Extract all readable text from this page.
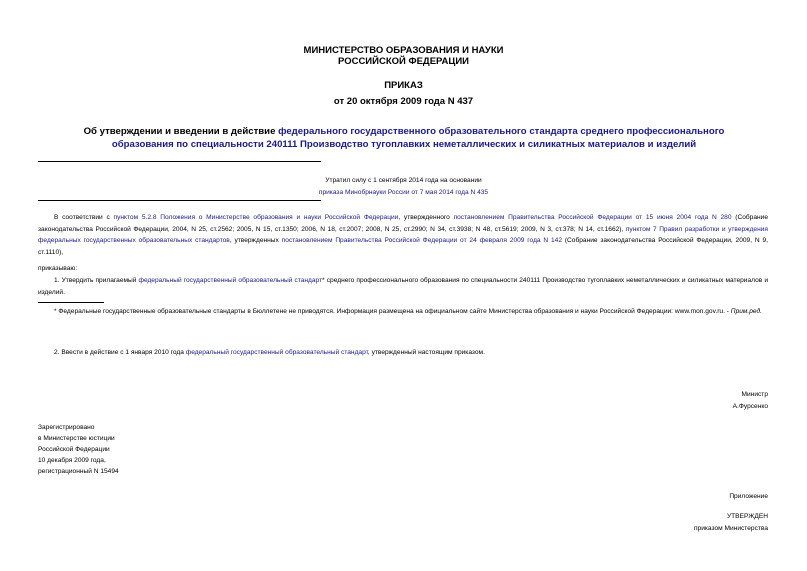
МИНИСТЕРСТВО ОБРАЗОВАНИЯ И НАУКИ
РОССИЙСКОЙ ФЕДЕРАЦИИ
ПРИКАЗ
от 20 октября 2009 года N 437
Об утверждении и введении в действие федерального государственного образовательного стандарта среднего профессионального образования по специальности 240111 Производство тугоплавких неметаллических и силикатных материалов и изделий
Утратил силу с 1 сентября 2014 года на основании
приказа Минобрнауки России от 7 мая 2014 года N 435
В соответствии с пунктом 5.2.8 Положения о Министерстве образования и науки Российской Федерации, утвержденного постановлением Правительства Российской Федерации от 15 июня 2004 года N 280 (Собрание законодательства Российской Федерации, 2004, N 25, ст.2562; 2005, N 15, ст.1350; 2006, N 18, ст.2007; 2008, N 25, ст.2990; N 34, ст.3938; N 48, ст.5619; 2009, N 3, ст.378; N 14, ст.1662), пунктом 7 Правил разработки и утверждения федеральных государственных образовательных стандартов, утвержденных постановлением Правительства Российской Федерации от 24 февраля 2009 года N 142 (Собрание законодательства Российской Федерации, 2009, N 9, ст.1110),
приказываю:
1. Утвердить прилагаемый федеральный государственный образовательный стандарт* среднего профессионального образования по специальности 240111 Производство тугоплавких неметаллических и силикатных материалов и изделий.
* Федеральные государственные образовательные стандарты в Бюллетене не приводятся. Информация размещена на официальном сайте Министерства образования и науки Российской Федерации: www.mon.gov.ru. - Прим.ред.
2. Ввести в действие с 1 января 2010 года федеральный государственный образовательный стандарт, утвержденный настоящим приказом.
Министр
А.Фурсенко
Зарегистрировано
в Министерстве юстиции
Российской Федерации
10 декабря 2009 года,
регистрационный N 15494
Приложение
УТВЕРЖДЕН
приказом Министерства
